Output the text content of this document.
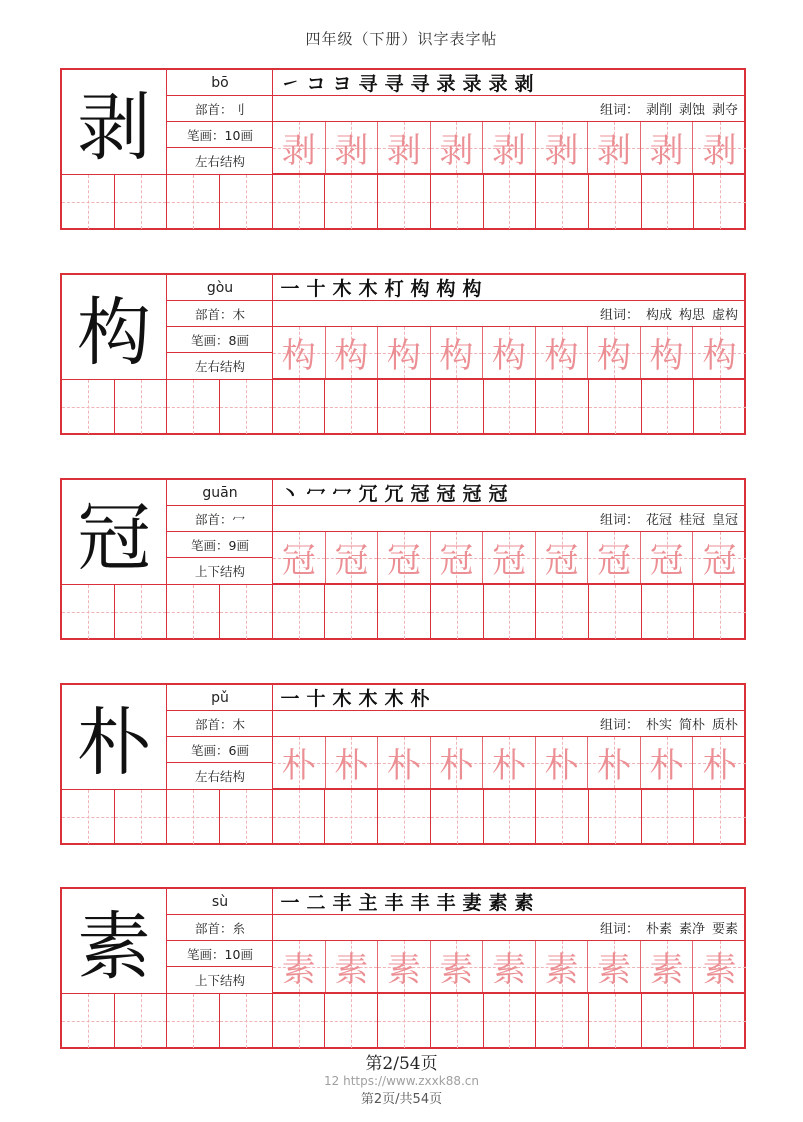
四年级（下册）识字表字帖
剥
bō
部首：刂
笔画：10画
左右结构
㇀ コ ヨ 寻 寻 寻 录 录 录 剥
组词： 剥削 剥蚀 剥夺
剥 剥 剥 剥 剥 剥 剥 剥 剥
构
gòu
部首：木
笔画：8画
左右结构
一 十 木 木 朾 构 构 构
组词： 构成 构思 虚构
构 构 构 构 构 构 构 构 构
冠
guān
部首：冖
笔画：9画
上下结构
丶 冖 冖 冗 冗 冠 冠 冠 冠
组词： 花冠 桂冠 皇冠
冠 冠 冠 冠 冠 冠 冠 冠 冠
朴
pǔ
部首：木
笔画：6画
左右结构
一 十 木 木 木 朴
组词： 朴实 简朴 质朴
朴 朴 朴 朴 朴 朴 朴 朴 朴
素
sù
部首：糸
笔画：10画
上下结构
一 二 丰 主 丰 丰 丰 妻 素 素
组词： 朴素 素净 要素
素 素 素 素 素 素 素 素 素
第2/54页
12 https://www.zxxk88.cn
第2页/共54页
